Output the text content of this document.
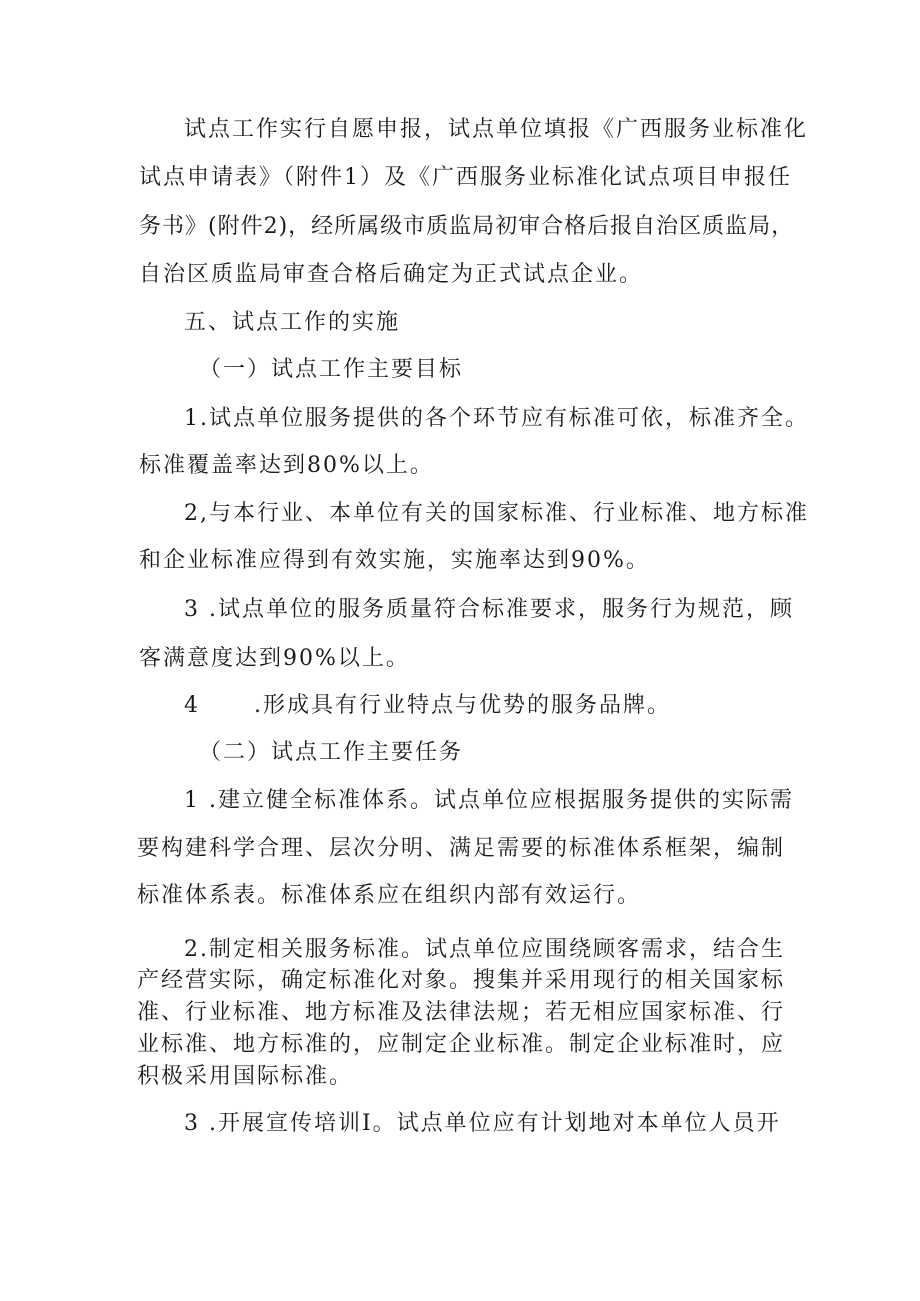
试点工作实行自愿申报，试点单位填报《广西服务业标准化
试点申请表》（附件1）及《广西服务业标准化试点项目申报任
务书》(附件2)，经所属级市质监局初审合格后报自治区质监局，
自治区质监局审查合格后确定为正式试点企业。
五、试点工作的实施
（一）试点工作主要目标
1.试点单位服务提供的各个环节应有标准可依，标准齐全。
标准覆盖率达到80%以上。
2,与本行业、本单位有关的国家标准、行业标准、地方标准
和企业标准应得到有效实施，实施率达到90%。
3 .试点单位的服务质量符合标准要求，服务行为规范，顾
客满意度达到90%以上。
4      .形成具有行业特点与优势的服务品牌。
（二）试点工作主要任务
1 .建立健全标准体系。试点单位应根据服务提供的实际需
要构建科学合理、层次分明、满足需要的标准体系框架，编制
标准体系表。标准体系应在组织内部有效运行。
2.制定相关服务标准。试点单位应围绕顾客需求，结合生
产经营实际，确定标准化对象。搜集并采用现行的相关国家标
准、行业标准、地方标准及法律法规；若无相应国家标准、行
业标准、地方标准的，应制定企业标准。制定企业标准时，应
积极采用国际标准。
3 .开展宣传培训I。试点单位应有计划地对本单位人员开
